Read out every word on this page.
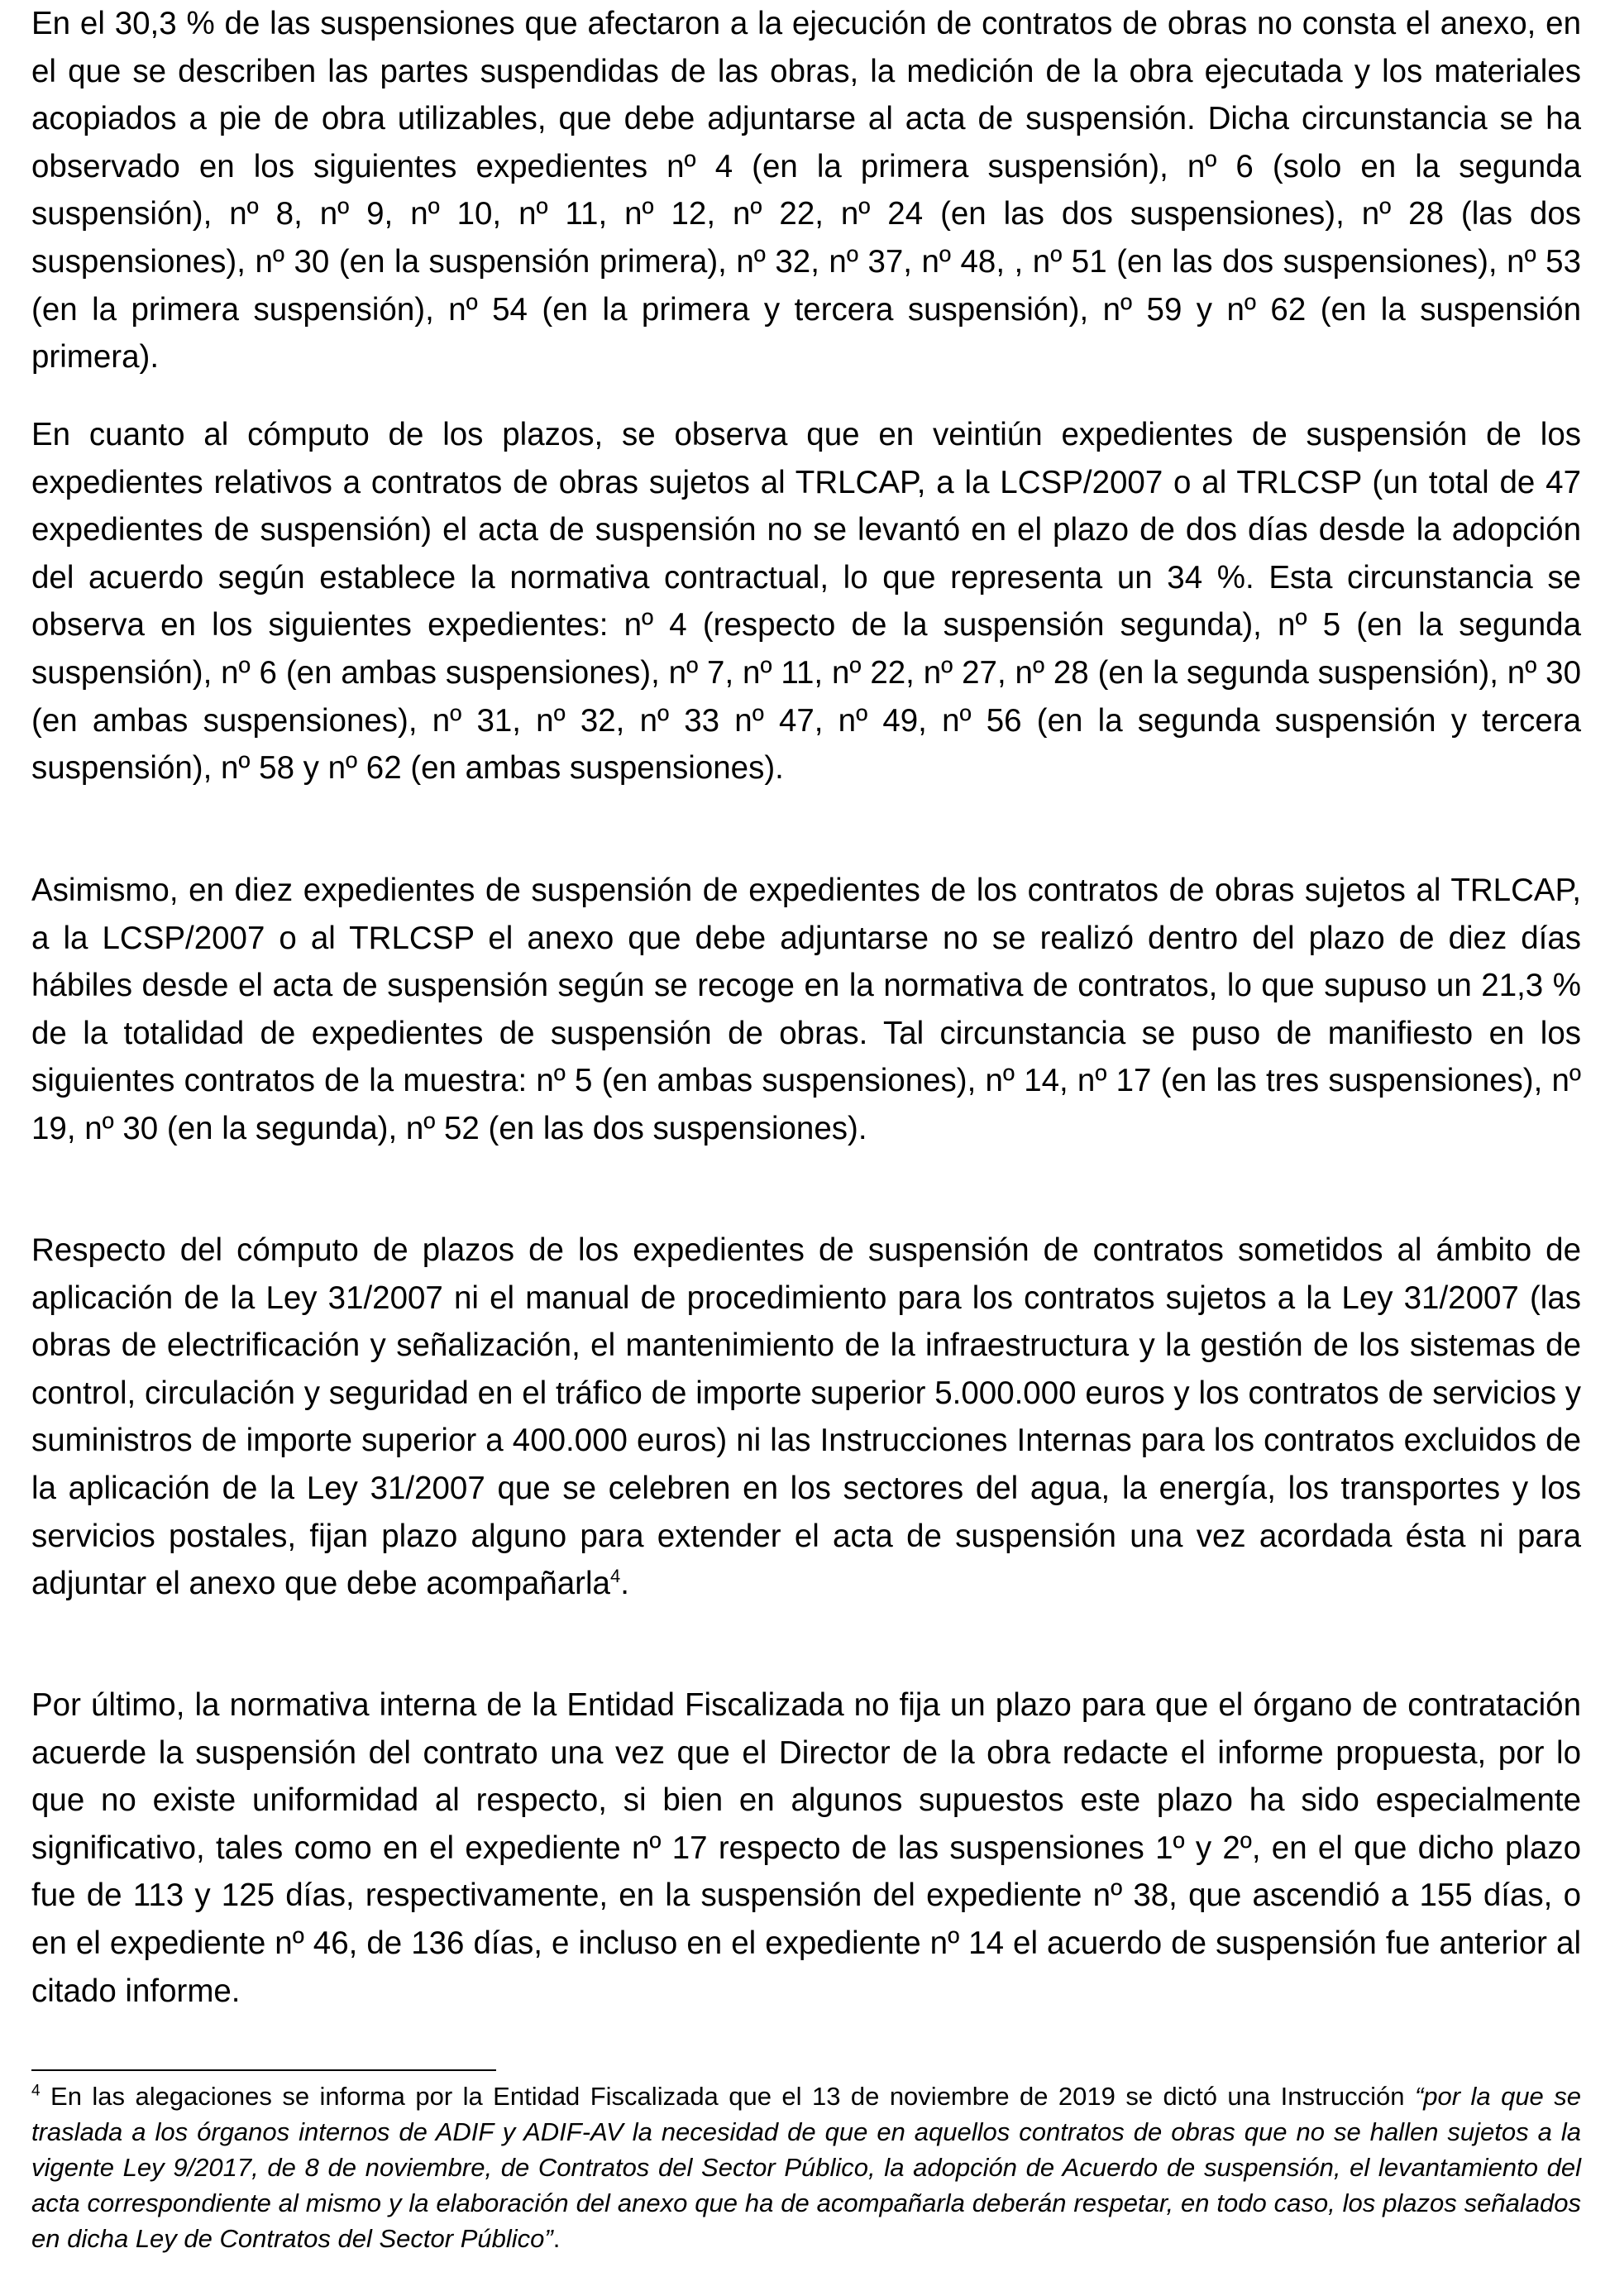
En el 30,3 % de las suspensiones que afectaron a la ejecución de contratos de obras no consta el anexo, en el que se describen las partes suspendidas de las obras, la medición de la obra ejecutada y los materiales acopiados a pie de obra utilizables, que debe adjuntarse al acta de suspensión. Dicha circunstancia se ha observado en los siguientes expedientes nº 4 (en la primera suspensión), nº 6 (solo en la segunda suspensión), nº 8, nº 9, nº 10, nº 11, nº 12, nº 22, nº 24 (en las dos suspensiones), nº 28 (las dos suspensiones), nº 30 (en la suspensión primera), nº 32, nº 37, nº 48, , nº 51 (en las dos suspensiones), nº 53 (en la primera suspensión), nº 54 (en la primera y tercera suspensión), nº 59 y nº 62 (en la suspensión primera).

En cuanto al cómputo de los plazos, se observa que en veintiún expedientes de suspensión de los expedientes relativos a contratos de obras sujetos al TRLCAP, a la LCSP/2007 o al TRLCSP (un total de 47 expedientes de suspensión) el acta de suspensión no se levantó en el plazo de dos días desde la adopción del acuerdo según establece la normativa contractual, lo que representa un 34 %. Esta circunstancia se observa en los siguientes expedientes: nº 4 (respecto de la suspensión segunda), nº 5 (en la segunda suspensión), nº 6 (en ambas suspensiones), nº 7, nº 11, nº 22, nº 27, nº 28 (en la segunda suspensión), nº 30 (en ambas suspensiones), nº 31, nº 32, nº 33 nº 47, nº 49, nº 56 (en la segunda suspensión y tercera suspensión), nº 58 y nº 62 (en ambas suspensiones).

Asimismo, en diez expedientes de suspensión de expedientes de los contratos de obras sujetos al TRLCAP, a la LCSP/2007 o al TRLCSP el anexo que debe adjuntarse no se realizó dentro del plazo de diez días hábiles desde el acta de suspensión según se recoge en la normativa de contratos, lo que supuso un 21,3 % de la totalidad de expedientes de suspensión de obras. Tal circunstancia se puso de manifiesto en los siguientes contratos de la muestra: nº 5 (en ambas suspensiones), nº 14, nº 17 (en las tres suspensiones), nº 19, nº 30 (en la segunda), nº 52 (en las dos suspensiones).

Respecto del cómputo de plazos de los expedientes de suspensión de contratos sometidos al ámbito de aplicación de la Ley 31/2007 ni el manual de procedimiento para los contratos sujetos a la Ley 31/2007 (las obras de electrificación y señalización, el mantenimiento de la infraestructura y la gestión de los sistemas de control, circulación y seguridad en el tráfico de importe superior 5.000.000 euros y los contratos de servicios y suministros de importe superior a 400.000 euros) ni las Instrucciones Internas para los contratos excluidos de la aplicación de la Ley 31/2007 que se celebren en los sectores del agua, la energía, los transportes y los servicios postales, fijan plazo alguno para extender el acta de suspensión una vez acordada ésta ni para adjuntar el anexo que debe acompañarla$^4$.

Por último, la normativa interna de la Entidad Fiscalizada no fija un plazo para que el órgano de contratación acuerde la suspensión del contrato una vez que el Director de la obra redacte el informe propuesta, por lo que no existe uniformidad al respecto, si bien en algunos supuestos este plazo ha sido especialmente significativo, tales como en el expediente nº 17 respecto de las suspensiones 1º y 2º, en el que dicho plazo fue de 113 y 125 días, respectivamente, en la suspensión del expediente nº 38, que ascendió a 155 días, o en el expediente nº 46, de 136 días, e incluso en el expediente nº 14 el acuerdo de suspensión fue anterior al citado informe.

$^4$ En las alegaciones se informa por la Entidad Fiscalizada que el 13 de noviembre de 2019 se dictó una Instrucción “por la que se traslada a los órganos internos de ADIF y ADIF-AV la necesidad de que en aquellos contratos de obras que no se hallen sujetos a la vigente Ley 9/2017, de 8 de noviembre, de Contratos del Sector Público, la adopción de Acuerdo de suspensión, el levantamiento del acta correspondiente al mismo y la elaboración del anexo que ha de acompañarla deberán respetar, en todo caso, los plazos señalados en dicha Ley de Contratos del Sector Público”.
